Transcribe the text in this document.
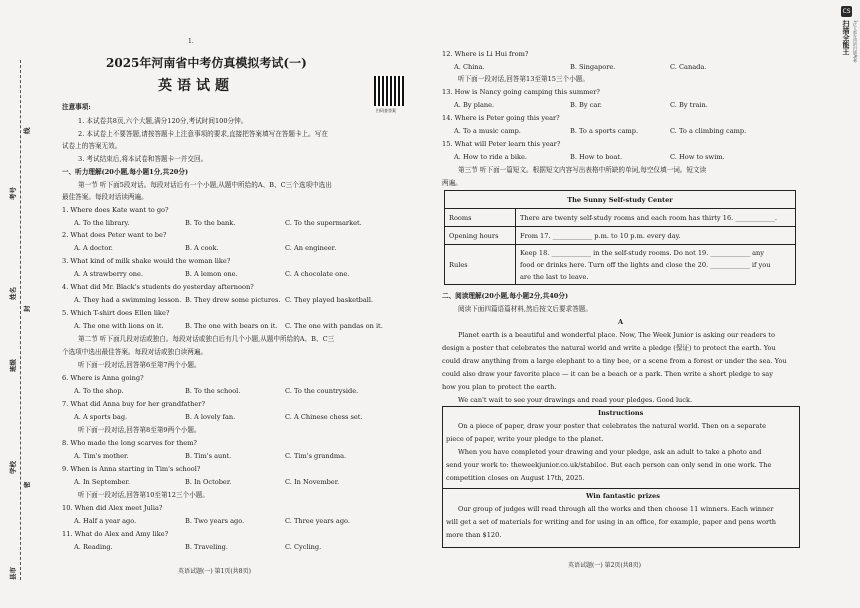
线
考号
姓名
封
班级
学校
密
县市
1.
2025年河南省中考仿真模拟考试(一)
英语试题
扫码查答案
注意事项:
1. 本试卷共8页,六个大题,满分120分,考试时间100分钟。
2. 本试卷上不要答题,请按答题卡上注意事项的要求,直接把答案填写在答题卡上。写在
试卷上的答案无效。
3. 考试结束后,将本试卷和答题卡一并交回。
一、听力理解(20小题,每小题1分,共20分)
第一节 听下面5段对话。每段对话后有一个小题,从题中所给的A、B、C三个选项中选出
最佳答案。每段对话读两遍。
1. Where does Kate want to go?
A. To the library.	B. To the bank.	C. To the supermarket.
2. What does Peter want to be?
A. A doctor.	B. A cook.	C. An engineer.
3. What kind of milk shake would the woman like?
A. A strawberry one.	B. A lemon one.	C. A chocolate one.
4. What did Mr. Black's students do yesterday afternoon?
A. They had a swimming lesson. B. They drew some pictures. C. They played basketball.
5. Which T-shirt does Ellen like?
A. The one with lions on it.	B. The one with bears on it. C. The one with pandas on it.
第二节 听下面几段对话或独白。每段对话或独白后有几个小题,从题中所给的A、B、C三
个选项中选出最佳答案。每段对话或独白读两遍。
听下面一段对话,回答第6至第7两个小题。
6. Where is Anna going?
A. To the shop.	B. To the school.	C. To the countryside.
7. What did Anna buy for her grandfather?
A. A sports bag.	B. A lovely fan.	C. A Chinese chess set.
听下面一段对话,回答第8至第9两个小题。
8. Who made the long scarves for them?
A. Tim's mother.	B. Tim's aunt.	C. Tim's grandma.
9. When is Anna starting in Tim's school?
A. In September.	B. In October.	C. In November.
听下面一段对话,回答第10至第12三个小题。
10. When did Alex meet Julia?
A. Half a year ago.	B. Two years ago.	C. Three years ago.
11. What do Alex and Amy like?
A. Reading.	B. Traveling.	C. Cycling.
英语试题(一) 第1页(共8页)
12. Where is Li Hui from?
A. China.	B. Singapore.	C. Canada.
听下面一段对话,回答第13至第15三个小题。
13. How is Nancy going camping this summer?
A. By plane.	B. By car.	C. By train.
14. Where is Peter going this year?
A. To a music camp.	B. To a sports camp.	C. To a climbing camp.
15. What will Peter learn this year?
A. How to ride a bike.	B. How to boat.	C. How to swim.
第三节 听下面一篇短文。根据短文内容写出表格中所缺的单词,每空仅填一词。短文读
两遍。
The Sunny Self-study Center	
Rooms	There are twenty self-study rooms and each room has thirty 16. ____________.
Opening hours	From 17. ____________ p.m. to 10 p.m. every day.
Rules	Keep 18. ____________ in the self-study rooms. Do not 19. ____________ any
food or drinks here. Turn off the lights and close the 20. ____________ if you
are the last to leave.
二、阅读理解(20小题,每小题2分,共40分)
阅读下面四篇语篇材料,然后按文后要求答题。
A
Planet earth is a beautiful and wonderful place. Now, The Week Junior is asking our readers to
design a poster that celebrates the natural world and write a pledge (保证) to protect the earth. You
could draw anything from a large elephant to a tiny bee, or a scene from a forest or under the sea. You
could also draw your favorite place — it can be a beach or a park. Then write a short pledge to say
how you plan to protect the earth.
We can't wait to see your drawings and read your pledges. Good luck.
Instructions
On a piece of paper, draw your poster that celebrates the natural world. Then on a separate
piece of paper, write your pledge to the planet.
When you have completed your drawing and your pledge, ask an adult to take a photo and
send your work to: theweekjunior.co.uk/stabiloc. But each person can only send in one work. The
competition closes on August 17th, 2025.
Win fantastic prizes
Our group of judges will read through all the works and then choose 11 winners. Each winner
will get a set of materials for writing and for using in an office, for example, paper and pens worth
more than $120.
英语试题(一) 第2页(共8页)
CS
扫描全能王 3亿人都在用的扫描App
